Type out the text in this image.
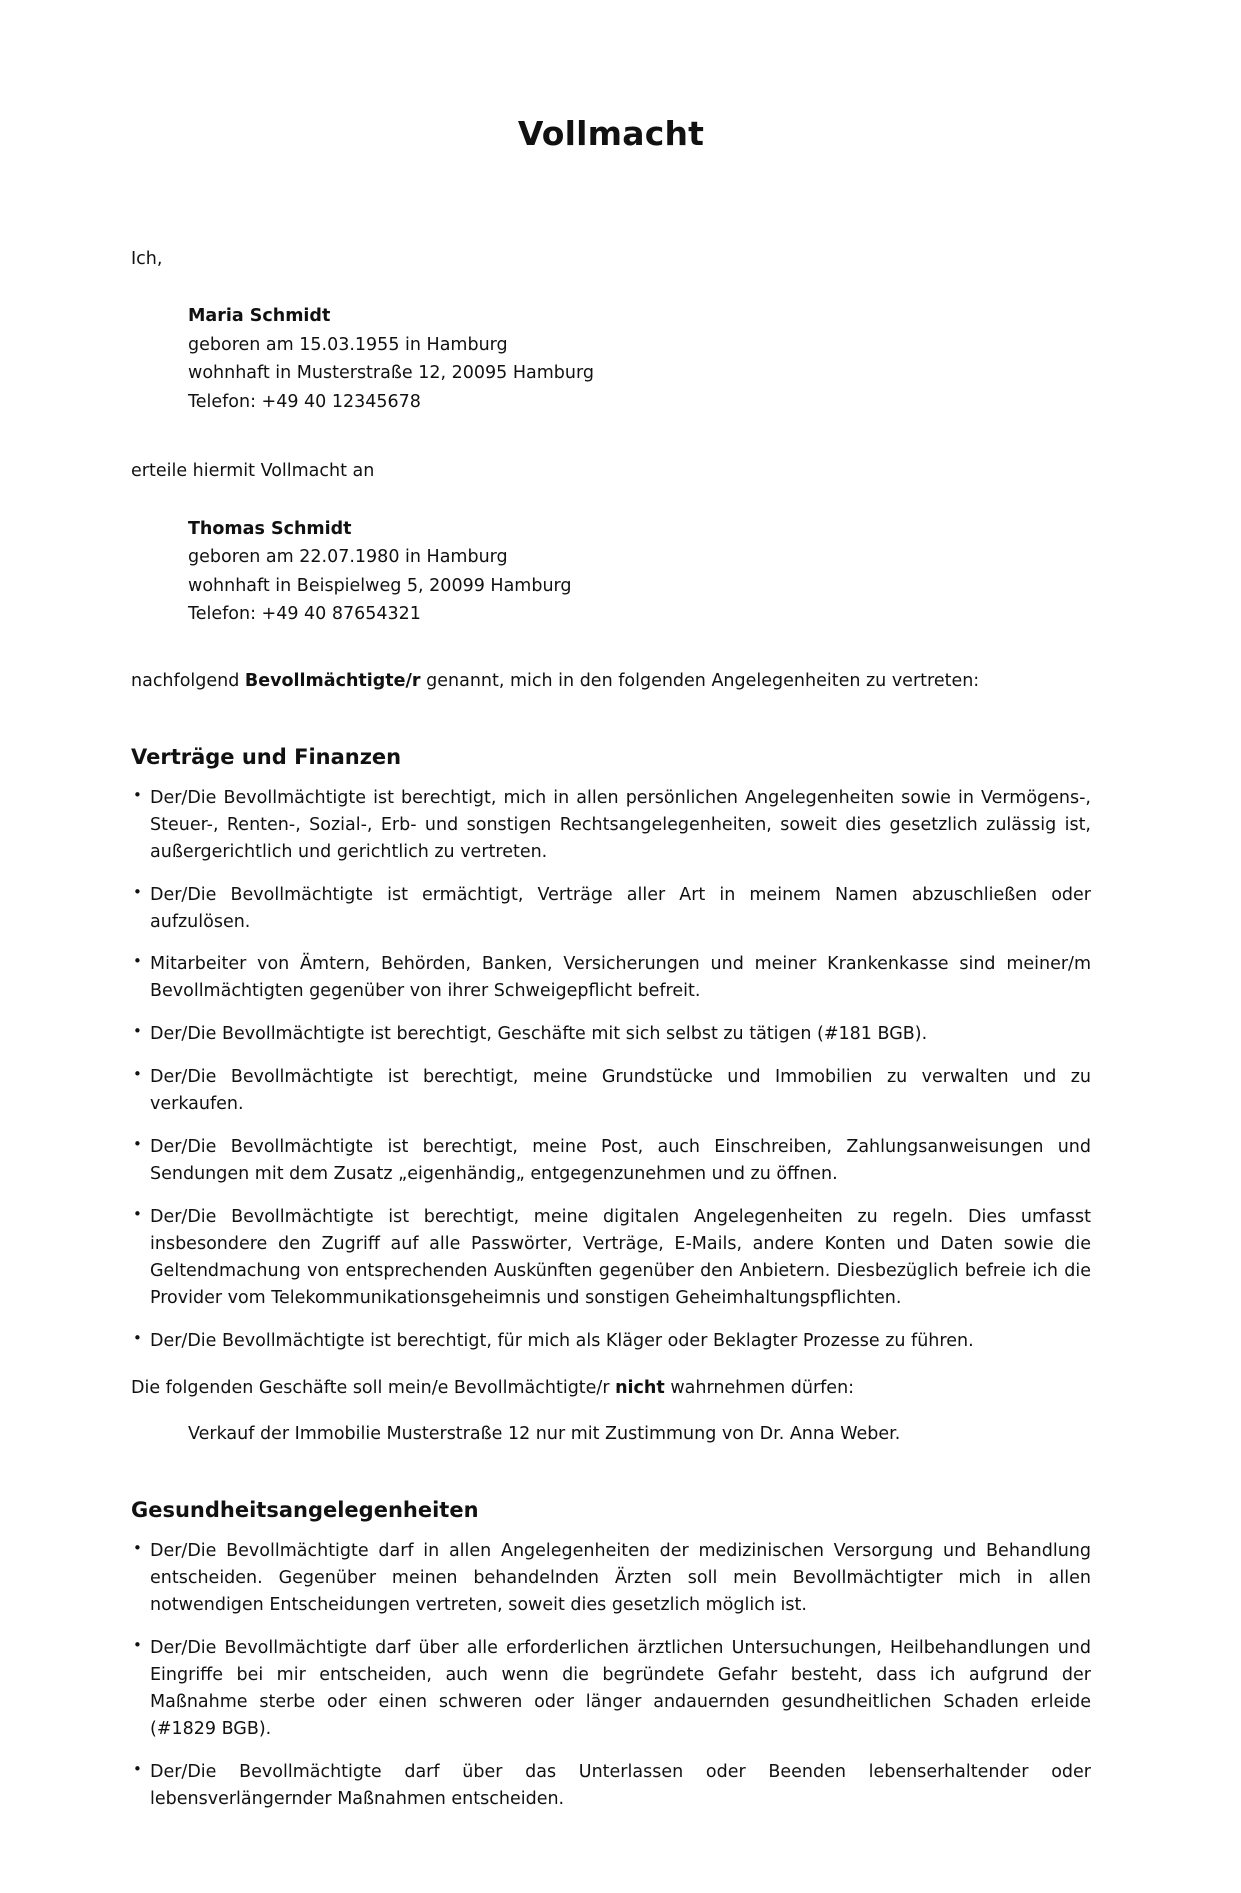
Vollmacht

Ich,

Maria Schmidt
geboren am 15.03.1955 in Hamburg
wohnhaft in Musterstraße 12, 20095 Hamburg
Telefon: +49 40 12345678

erteile hiermit Vollmacht an

Thomas Schmidt
geboren am 22.07.1980 in Hamburg
wohnhaft in Beispielweg 5, 20099 Hamburg
Telefon: +49 40 87654321

nachfolgend Bevollmächtigte/r genannt, mich in den folgenden Angelegenheiten zu vertreten:

Verträge und Finanzen
• Der/Die Bevollmächtigte ist berechtigt, mich in allen persönlichen Angelegenheiten sowie in Vermögens-, Steuer-, Renten-, Sozial-, Erb- und sonstigen Rechtsangelegenheiten, soweit dies gesetzlich zulässig ist, außergerichtlich und gerichtlich zu vertreten.
• Der/Die Bevollmächtigte ist ermächtigt, Verträge aller Art in meinem Namen abzuschließen oder aufzulösen.
• Mitarbeiter von Ämtern, Behörden, Banken, Versicherungen und meiner Krankenkasse sind meiner/m Bevollmächtigten gegenüber von ihrer Schweigepflicht befreit.
• Der/Die Bevollmächtigte ist berechtigt, Geschäfte mit sich selbst zu tätigen (#181 BGB).
• Der/Die Bevollmächtigte ist berechtigt, meine Grundstücke und Immobilien zu verwalten und zu verkaufen.
• Der/Die Bevollmächtigte ist berechtigt, meine Post, auch Einschreiben, Zahlungsanweisungen und Sendungen mit dem Zusatz „eigenhändig„ entgegenzunehmen und zu öffnen.
• Der/Die Bevollmächtigte ist berechtigt, meine digitalen Angelegenheiten zu regeln. Dies umfasst insbesondere den Zugriff auf alle Passwörter, Verträge, E-Mails, andere Konten und Daten sowie die Geltendmachung von entsprechenden Auskünften gegenüber den Anbietern. Diesbezüglich befreie ich die Provider vom Telekommunikationsgeheimnis und sonstigen Geheimhaltungspflichten.
• Der/Die Bevollmächtigte ist berechtigt, für mich als Kläger oder Beklagter Prozesse zu führen.

Die folgenden Geschäfte soll mein/e Bevollmächtigte/r nicht wahrnehmen dürfen:

Verkauf der Immobilie Musterstraße 12 nur mit Zustimmung von Dr. Anna Weber.

Gesundheitsangelegenheiten
• Der/Die Bevollmächtigte darf in allen Angelegenheiten der medizinischen Versorgung und Behandlung entscheiden. Gegenüber meinen behandelnden Ärzten soll mein Bevollmächtigter mich in allen notwendigen Entscheidungen vertreten, soweit dies gesetzlich möglich ist.
• Der/Die Bevollmächtigte darf über alle erforderlichen ärztlichen Untersuchungen, Heilbehandlungen und Eingriffe bei mir entscheiden, auch wenn die begründete Gefahr besteht, dass ich aufgrund der Maßnahme sterbe oder einen schweren oder länger andauernden gesundheitlichen Schaden erleide (#1829 BGB).
• Der/Die Bevollmächtigte darf über das Unterlassen oder Beenden lebenserhaltender oder lebensverlängernder Maßnahmen entscheiden.
